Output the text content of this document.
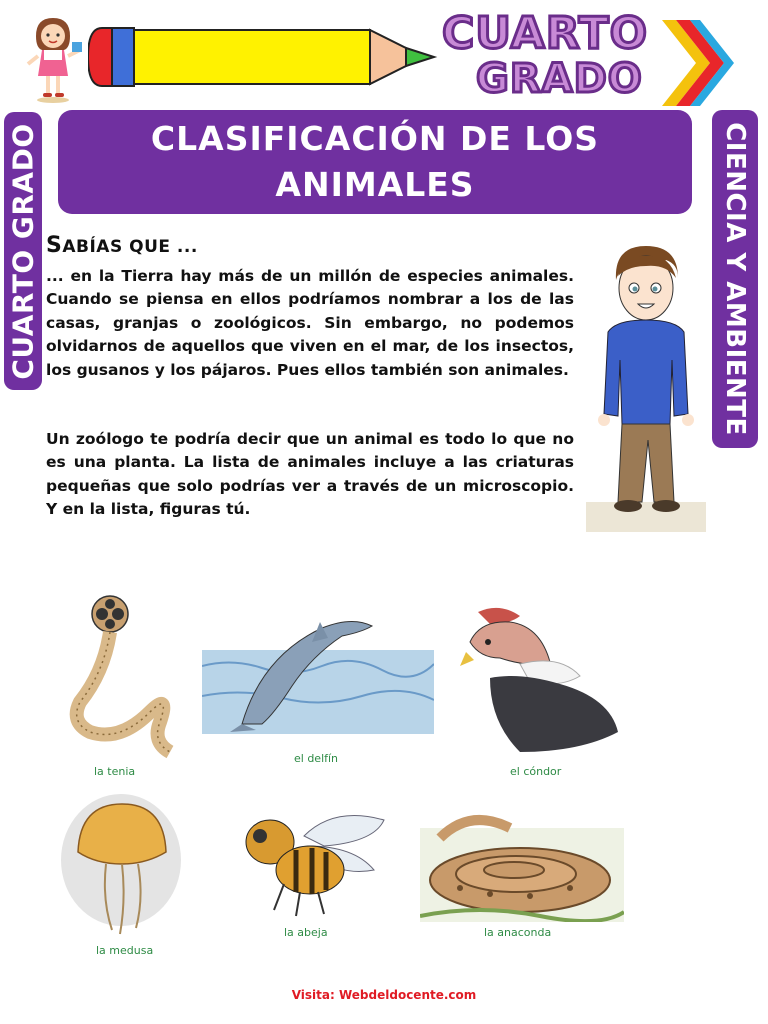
CUARTO
GRADO
CUARTO GRADO	CIENCIA Y AMBIENTE
CLASIFICACIÓN DE LOS ANIMALES
SABÍAS QUE ...

... en la Tierra hay más de un millón de especies animales. Cuando se piensa en ellos podríamos nombrar a los de las casas, granjas o zoológicos. Sin embargo, no podemos olvidarnos de aquellos que viven en el mar, de los insectos, los gusanos y los pájaros. Pues ellos también son animales.

Un zoólogo te podría decir que un animal es todo lo que no es una planta. La lista de animales incluye a las criaturas pequeñas que solo podrías ver a través de un microscopio. Y en la lista, figuras tú.

la tenia
el delfín
el cóndor
la medusa
la abeja	la anaconda
Visita: Webdeldocente.com
